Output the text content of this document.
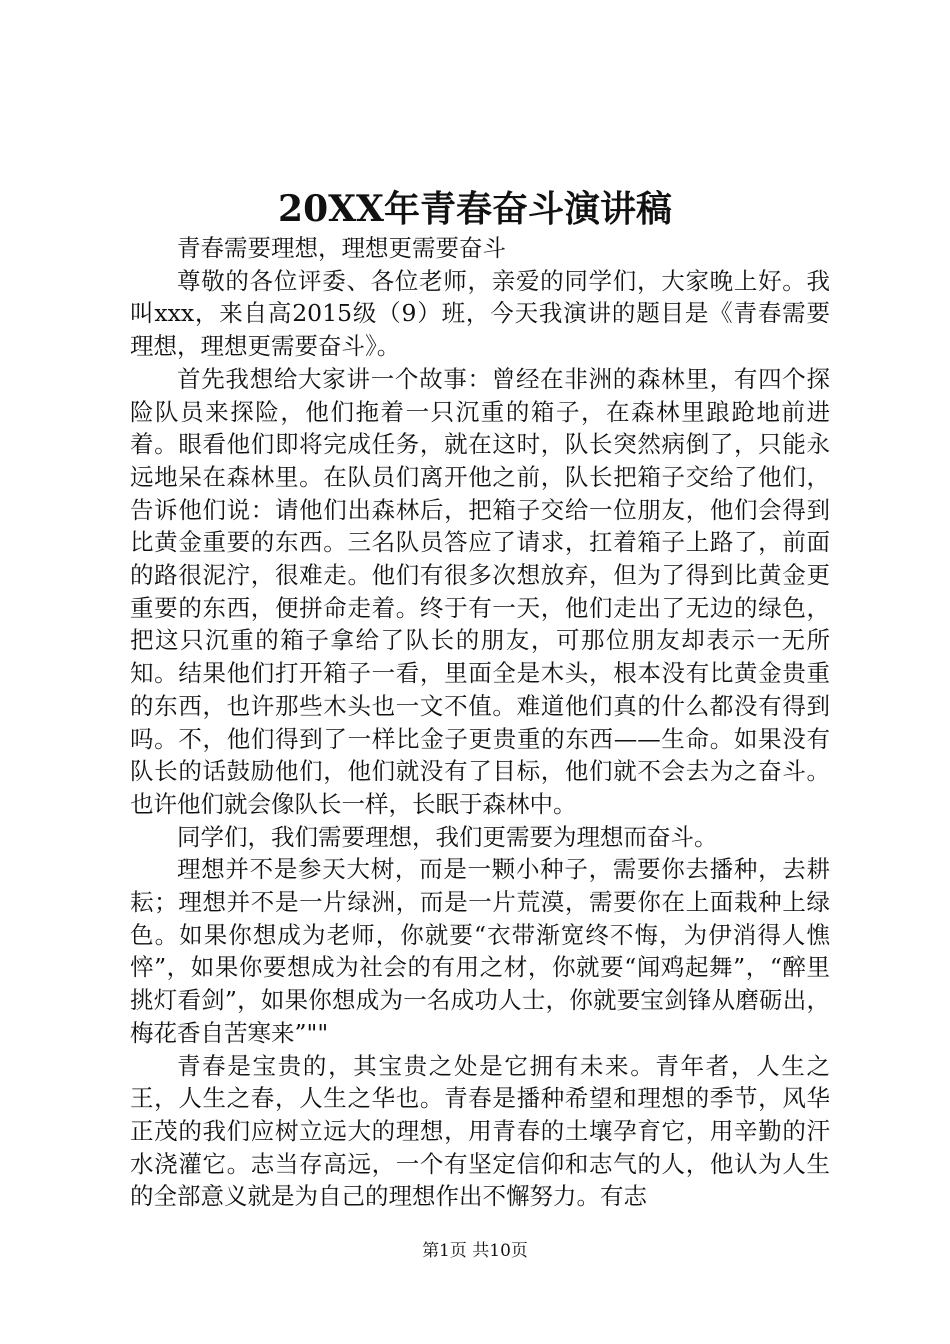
20XX年青春奋斗演讲稿

青春需要理想，理想更需要奋斗

尊敬的各位评委、各位老师，亲爱的同学们，大家晚上好。我叫xxx，来自高2015级（9）班，今天我演讲的题目是《青春需要理想，理想更需要奋斗》。

首先我想给大家讲一个故事：曾经在非洲的森林里，有四个探险队员来探险，他们拖着一只沉重的箱子，在森林里踉跄地前进着。眼看他们即将完成任务，就在这时，队长突然病倒了，只能永远地呆在森林里。在队员们离开他之前，队长把箱子交给了他们，告诉他们说：请他们出森林后，把箱子交给一位朋友，他们会得到比黄金重要的东西。三名队员答应了请求，扛着箱子上路了，前面的路很泥泞，很难走。他们有很多次想放弃，但为了得到比黄金更重要的东西，便拼命走着。终于有一天，他们走出了无边的绿色，把这只沉重的箱子拿给了队长的朋友，可那位朋友却表示一无所知。结果他们打开箱子一看，里面全是木头，根本没有比黄金贵重的东西，也许那些木头也一文不值。难道他们真的什么都没有得到吗。不，他们得到了一样比金子更贵重的东西——生命。如果没有队长的话鼓励他们，他们就没有了目标，他们就不会去为之奋斗。也许他们就会像队长一样，长眠于森林中。

同学们，我们需要理想，我们更需要为理想而奋斗。

理想并不是参天大树，而是一颗小种子，需要你去播种，去耕耘；理想并不是一片绿洲，而是一片荒漠，需要你在上面栽种上绿色。如果你想成为老师，你就要“衣带渐宽终不悔，为伊消得人憔悴”，如果你要想成为社会的有用之材，你就要“闻鸡起舞”，“醉里挑灯看剑”，如果你想成为一名成功人士，你就要宝剑锋从磨砺出，梅花香自苦寒来”""

青春是宝贵的，其宝贵之处是它拥有未来。青年者，人生之王，人生之春，人生之华也。青春是播种希望和理想的季节，风华正茂的我们应树立远大的理想，用青春的土壤孕育它，用辛勤的汗水浇灌它。志当存高远，一个有坚定信仰和志气的人，他认为人生的全部意义就是为自己的理想作出不懈努力。有志

第1页 共10页
